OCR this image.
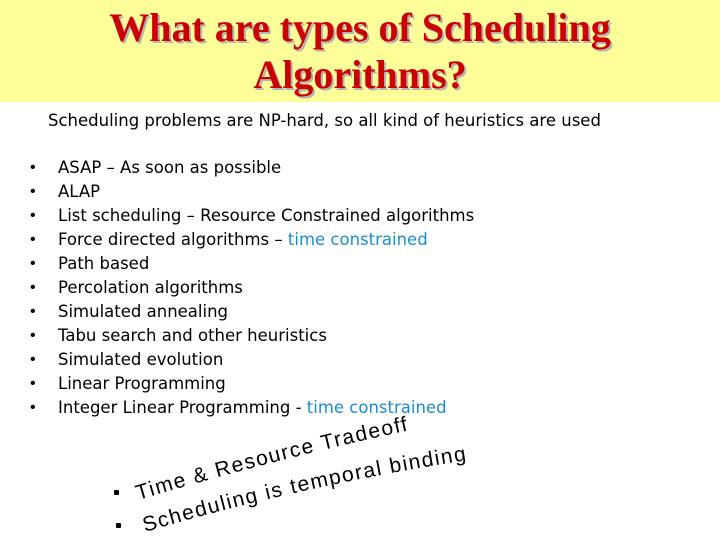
What are types of Scheduling
Algorithms?

Scheduling problems are NP-hard, so all kind of heuristics are used

• ASAP – As soon as possible
• ALAP
• List scheduling – Resource Constrained algorithms
• Force directed algorithms – time constrained
• Path based
• Percolation algorithms
• Simulated annealing
• Tabu search and other heuristics
• Simulated evolution
• Linear Programming
• Integer Linear Programming - time constrained
Time & Resource Tradeoff
Scheduling is temporal binding
